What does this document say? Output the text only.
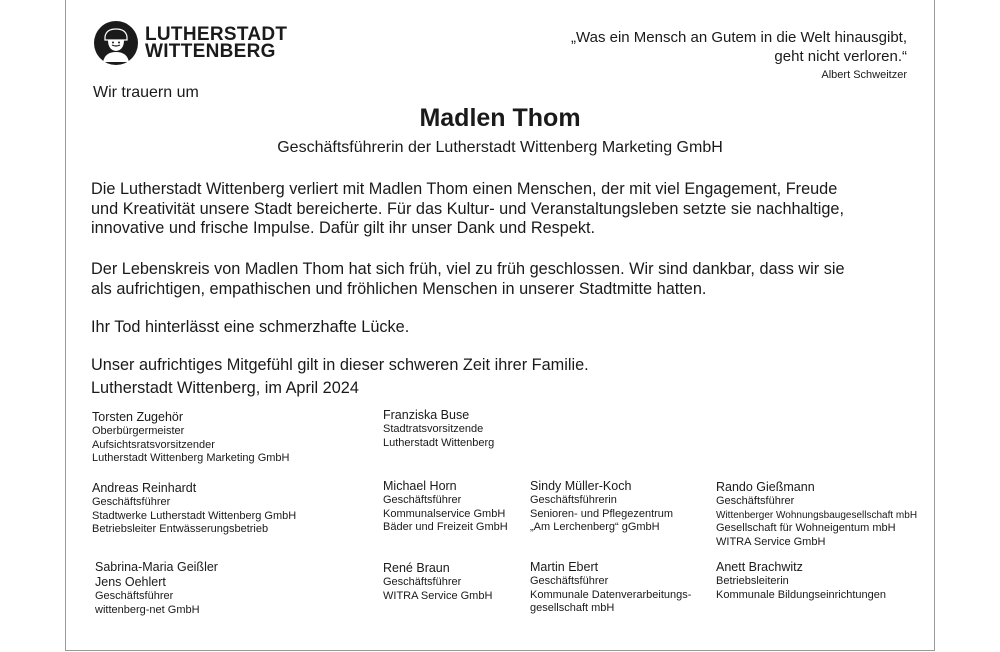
LUTHERSTADT
WITTENBERG
„Was ein Mensch an Gutem in die Welt hinausgibt,
geht nicht verloren.“
Albert Schweitzer
Wir trauern um
Madlen Thom
Geschäftsführerin der Lutherstadt Wittenberg Marketing GmbH
Die Lutherstadt Wittenberg verliert mit Madlen Thom einen Menschen, der mit viel Engagement, Freude
und Kreativität unsere Stadt bereicherte. Für das Kultur- und Veranstaltungsleben setzte sie nachhaltige,
innovative und frische Impulse. Dafür gilt ihr unser Dank und Respekt.
Der Lebenskreis von Madlen Thom hat sich früh, viel zu früh geschlossen. Wir sind dankbar, dass wir sie
als aufrichtigen, empathischen und fröhlichen Menschen in unserer Stadtmitte hatten.
Ihr Tod hinterlässt eine schmerzhafte Lücke.
Unser aufrichtiges Mitgefühl gilt in dieser schweren Zeit ihrer Familie.
Lutherstadt Wittenberg, im April 2024
Torsten Zugehör
Oberbürgermeister
Aufsichtsratsvorsitzender
Lutherstadt Wittenberg Marketing GmbH
Franziska Buse
Stadtratsvorsitzende
Lutherstadt Wittenberg
Andreas Reinhardt
Geschäftsführer
Stadtwerke Lutherstadt Wittenberg GmbH
Betriebsleiter Entwässerungsbetrieb
Michael Horn
Geschäftsführer
Kommunalservice GmbH
Bäder und Freizeit GmbH
Sindy Müller-Koch
Geschäftsführerin
Senioren- und Pflegezentrum
„Am Lerchenberg“ gGmbH
Rando Gießmann
Geschäftsführer
Wittenberger Wohnungsbaugesellschaft mbH
Gesellschaft für Wohneigentum mbH
WITRA Service GmbH
Sabrina-Maria Geißler
Jens Oehlert
Geschäftsführer
wittenberg-net GmbH
René Braun
Geschäftsführer
WITRA Service GmbH
Martin Ebert
Geschäftsführer
Kommunale Datenverarbeitungs-
gesellschaft mbH
Anett Brachwitz
Betriebsleiterin
Kommunale Bildungseinrichtungen
